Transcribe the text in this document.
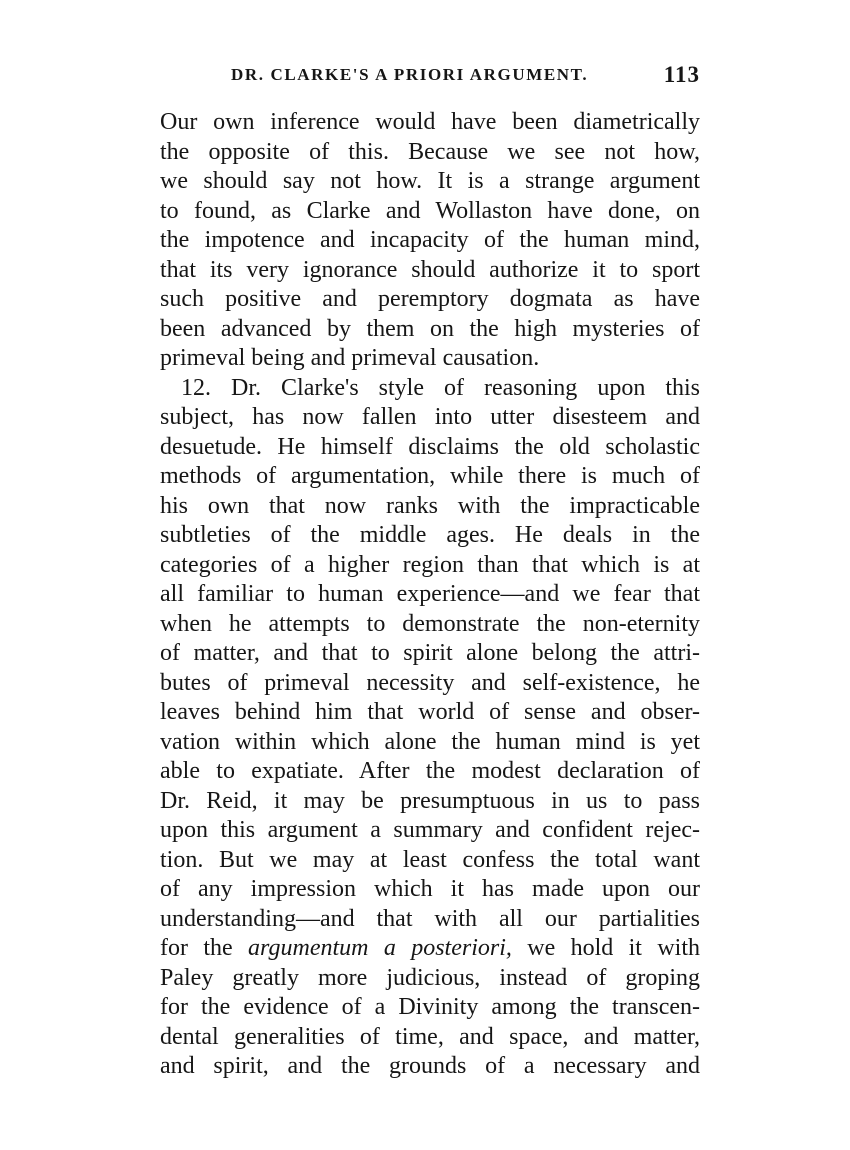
DR. CLARKE'S A PRIORI ARGUMENT.	113
Our own inference would have been diametrically
the opposite of this. Because we see not how,
we should say not how. It is a strange argument
to found, as Clarke and Wollaston have done, on
the impotence and incapacity of the human mind,
that its very ignorance should authorize it to sport
such positive and peremptory dogmata as have
been advanced by them on the high mysteries of
primeval being and primeval causation.
12. Dr. Clarke's style of reasoning upon this
subject, has now fallen into utter disesteem and
desuetude. He himself disclaims the old scholastic
methods of argumentation, while there is much of
his own that now ranks with the impracticable
subtleties of the middle ages. He deals in the
categories of a higher region than that which is at
all familiar to human experience—and we fear that
when he attempts to demonstrate the non-eternity
of matter, and that to spirit alone belong the attri-
butes of primeval necessity and self-existence, he
leaves behind him that world of sense and obser-
vation within which alone the human mind is yet
able to expatiate. After the modest declaration of
Dr. Reid, it may be presumptuous in us to pass
upon this argument a summary and confident rejec-
tion. But we may at least confess the total want
of any impression which it has made upon our
understanding—and that with all our partialities
for the argumentum a posteriori, we hold it with
Paley greatly more judicious, instead of groping
for the evidence of a Divinity among the transcen-
dental generalities of time, and space, and matter,
and spirit, and the grounds of a necessary and
